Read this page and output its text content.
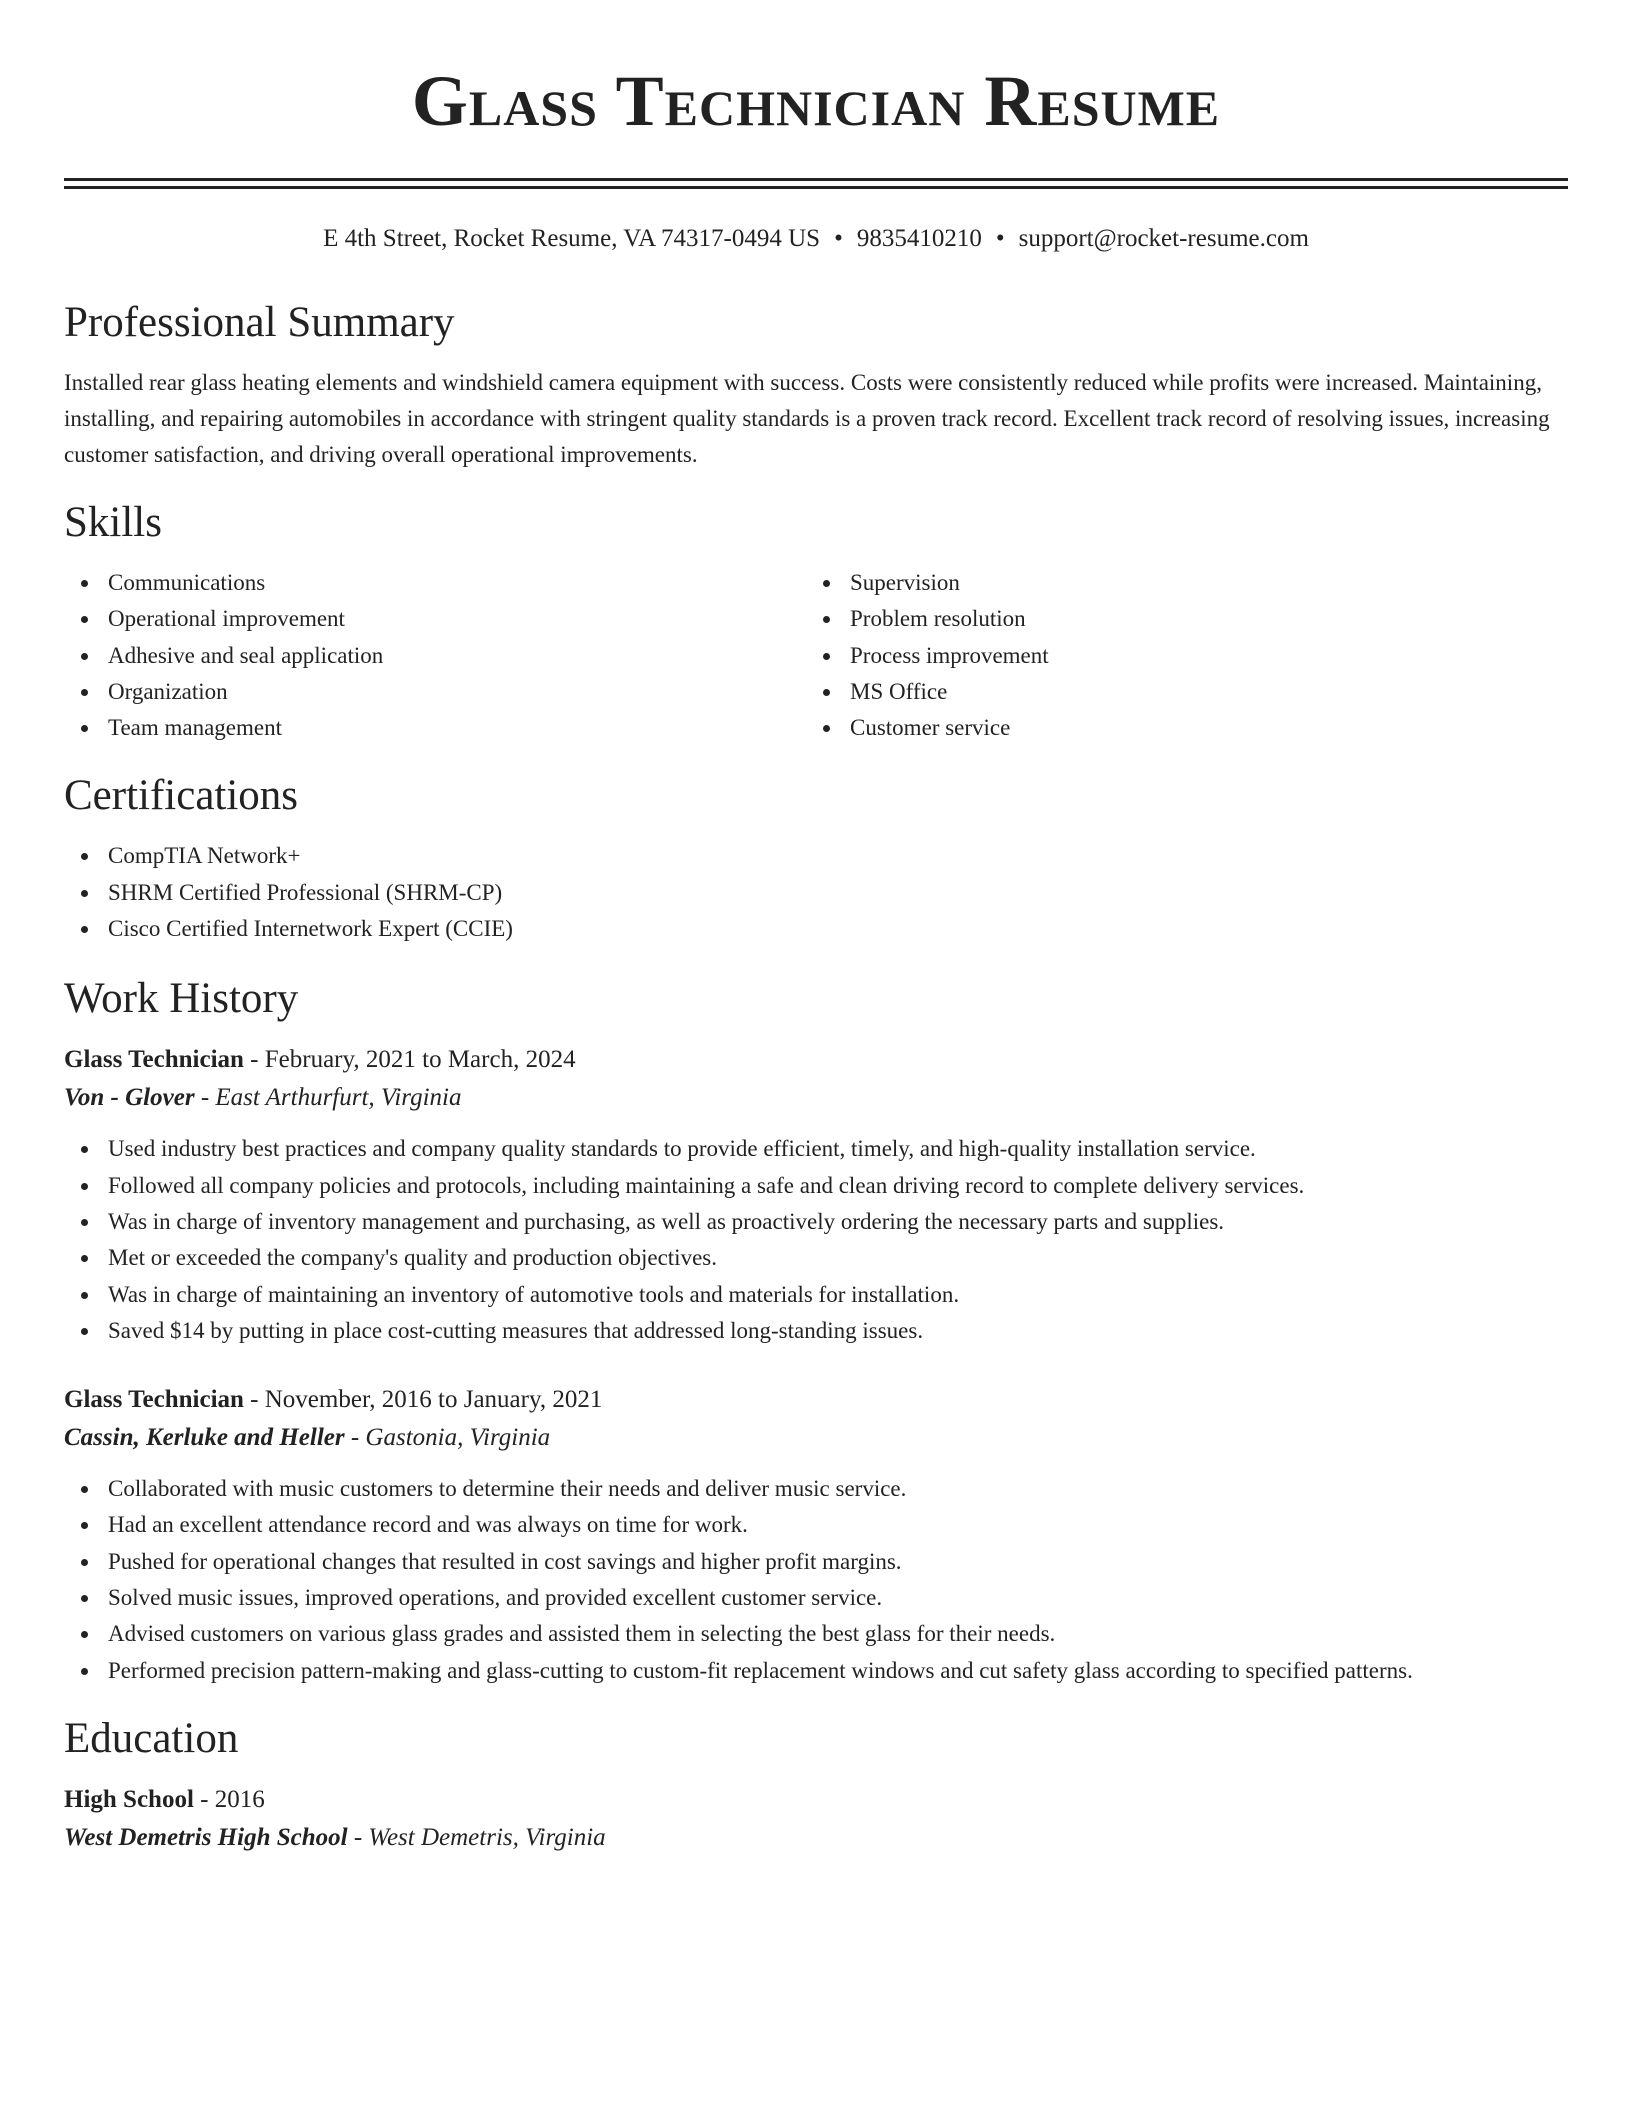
Glass Technician Resume
E 4th Street, Rocket Resume, VA 74317-0494 US • 9835410210 • support@rocket-resume.com
Professional Summary

Installed rear glass heating elements and windshield camera equipment with success. Costs were consistently reduced while profits were increased. Maintaining, installing, and repairing automobiles in accordance with stringent quality standards is a proven track record. Excellent track record of resolving issues, increasing customer satisfaction, and driving overall operational improvements.

Skills
Communications
Operational improvement
Adhesive and seal application
Organization
Team management
Supervision
Problem resolution
Process improvement
MS Office
Customer service
Certifications
CompTIA Network+
SHRM Certified Professional (SHRM-CP)
Cisco Certified Internetwork Expert (CCIE)
Work History
Glass Technician - February, 2021 to March, 2024
Von - Glover - East Arthurfurt, Virginia
Used industry best practices and company quality standards to provide efficient, timely, and high-quality installation service.
Followed all company policies and protocols, including maintaining a safe and clean driving record to complete delivery services.
Was in charge of inventory management and purchasing, as well as proactively ordering the necessary parts and supplies.
Met or exceeded the company's quality and production objectives.
Was in charge of maintaining an inventory of automotive tools and materials for installation.
Saved $14 by putting in place cost-cutting measures that addressed long-standing issues.
Glass Technician - November, 2016 to January, 2021
Cassin, Kerluke and Heller - Gastonia, Virginia
Collaborated with music customers to determine their needs and deliver music service.
Had an excellent attendance record and was always on time for work.
Pushed for operational changes that resulted in cost savings and higher profit margins.
Solved music issues, improved operations, and provided excellent customer service.
Advised customers on various glass grades and assisted them in selecting the best glass for their needs.
Performed precision pattern-making and glass-cutting to custom-fit replacement windows and cut safety glass according to specified patterns.
Education
High School - 2016
West Demetris High School - West Demetris, Virginia
